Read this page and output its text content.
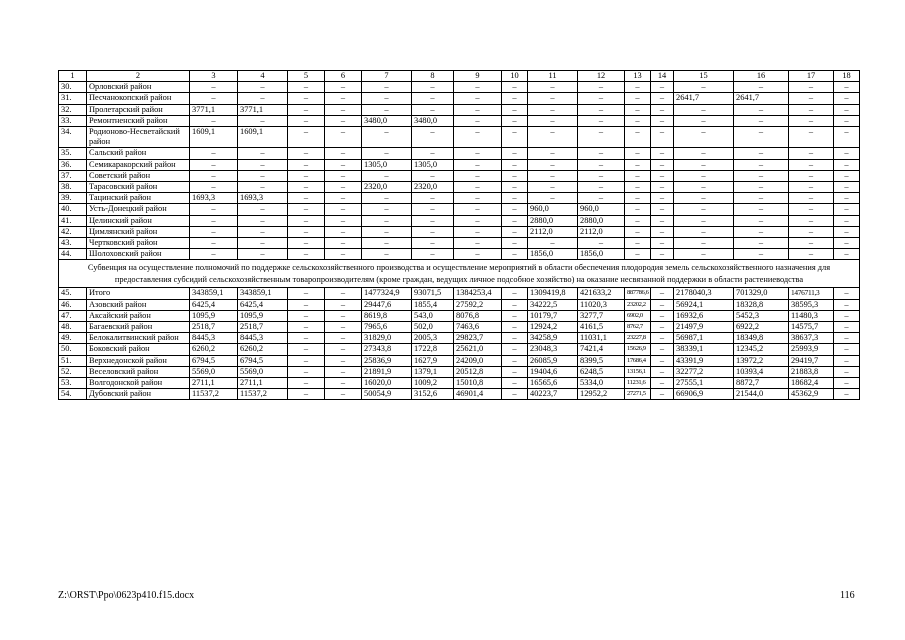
1	2	3	4	5	6	7	8	9	10	11	12	13	14	15	16	17	18
30.	Орловский район	–	–	–	–	–	–	–	–	–	–	–	–	–	–	–	–
31.	Песчанокопский район	–	–	–	–	–	–	–	–	–	–	–	–	2641,7	2641,7	–	–
32.	Пролетарский район	3771,1	3771,1	–	–	–	–	–	–	–	–	–	–	–	–	–	–
33.	Ремонтненский район	–	–	–	–	3480,0	3480,0	–	–	–	–	–	–	–	–	–	–
34.	Родионово-Несветайский район	1609,1	1609,1	–	–	–	–	–	–	–	–	–	–	–	–	–	–
35.	Сальский район	–	–	–	–	–	–	–	–	–	–	–	–	–	–	–	–
36.	Семикаракорский район	–	–	–	–	1305,0	1305,0	–	–	–	–	–	–	–	–	–	–
37.	Советский район	–	–	–	–	–	–	–	–	–	–	–	–	–	–	–	–
38.	Тарасовский район	–	–	–	–	2320,0	2320,0	–	–	–	–	–	–	–	–	–	–
39.	Тацинский район	1693,3	1693,3	–	–	–	–	–	–	–	–	–	–	–	–	–	–
40.	Усть-Донецкий район	–	–	–	–	–	–	–	–	960,0	960,0	–	–	–	–	–	–
41.	Целинский район	–	–	–	–	–	–	–	–	2880,0	2880,0	–	–	–	–	–	–
42.	Цимлянский район	–	–	–	–	–	–	–	–	2112,0	2112,0	–	–	–	–	–	–
43.	Чертковский район	–	–	–	–	–	–	–	–	–	–	–	–	–	–	–	–
44.	Шолоховский район	–	–	–	–	–	–	–	–	1856,0	1856,0	–	–	–	–	–	–
Субвенция на осуществление полномочий по поддержке сельскохозяйственного производства и осуществление мероприятий в области обеспечения плодородия земель сельскохозяйственного назначения для предоставления субсидий сельскохозяйственным товаропроизводителям (кроме граждан, ведущих личное подсобное хозяйство) на оказание несвязанной поддержки в области растениеводства																	
45.	Итого	343859,1	343859,1	–	–	1477324,9	93071,5	1384253,4	–	1309419,8	421633,2	887786,6	–	2178040,3	701329,0	1476711,3	–
46.	Азовский район	6425,4	6425,4	–	–	29447,6	1855,4	27592,2	–	34222,5	11020,3	23202,2	–	56924,1	18328,8	38595,3	–
47.	Аксайский район	1095,9	1095,9	–	–	8619,8	543,0	8076,8	–	10179,7	3277,7	6902,0	–	16932,6	5452,3	11480,3	–
48.	Багаевский район	2518,7	2518,7	–	–	7965,6	502,0	7463,6	–	12924,2	4161,5	8762,7	–	21497,9	6922,2	14575,7	–
49.	Белокалитвинский район	8445,3	8445,3	–	–	31829,0	2005,3	29823,7	–	34258,9	11031,1	23227,8	–	56987,1	18349,8	38637,3	–
50.	Боковский район	6260,2	6260,2	–	–	27343,8	1722,8	25621,0	–	23048,3	7421,4	15626,9	–	38339,1	12345,2	25993,9	–
51.	Верхнедонской район	6794,5	6794,5	–	–	25836,9	1627,9	24209,0	–	26085,9	8399,5	17686,4	–	43391,9	13972,2	29419,7	–
52.	Веселовский район	5569,0	5569,0	–	–	21891,9	1379,1	20512,8	–	19404,6	6248,5	13156,1	–	32277,2	10393,4	21883,8	–
53.	Волгодонской район	2711,1	2711,1	–	–	16020,0	1009,2	15010,8	–	16565,6	5334,0	11231,6	–	27555,1	8872,7	18682,4	–
54.	Дубовский район	11537,2	11537,2	–	–	50054,9	3152,6	46901,4	–	40223,7	12952,2	27271,5	–	66906,9	21544,0	45362,9	–
Z:\ORST\Ppo\0623p410.f15.docx	116
